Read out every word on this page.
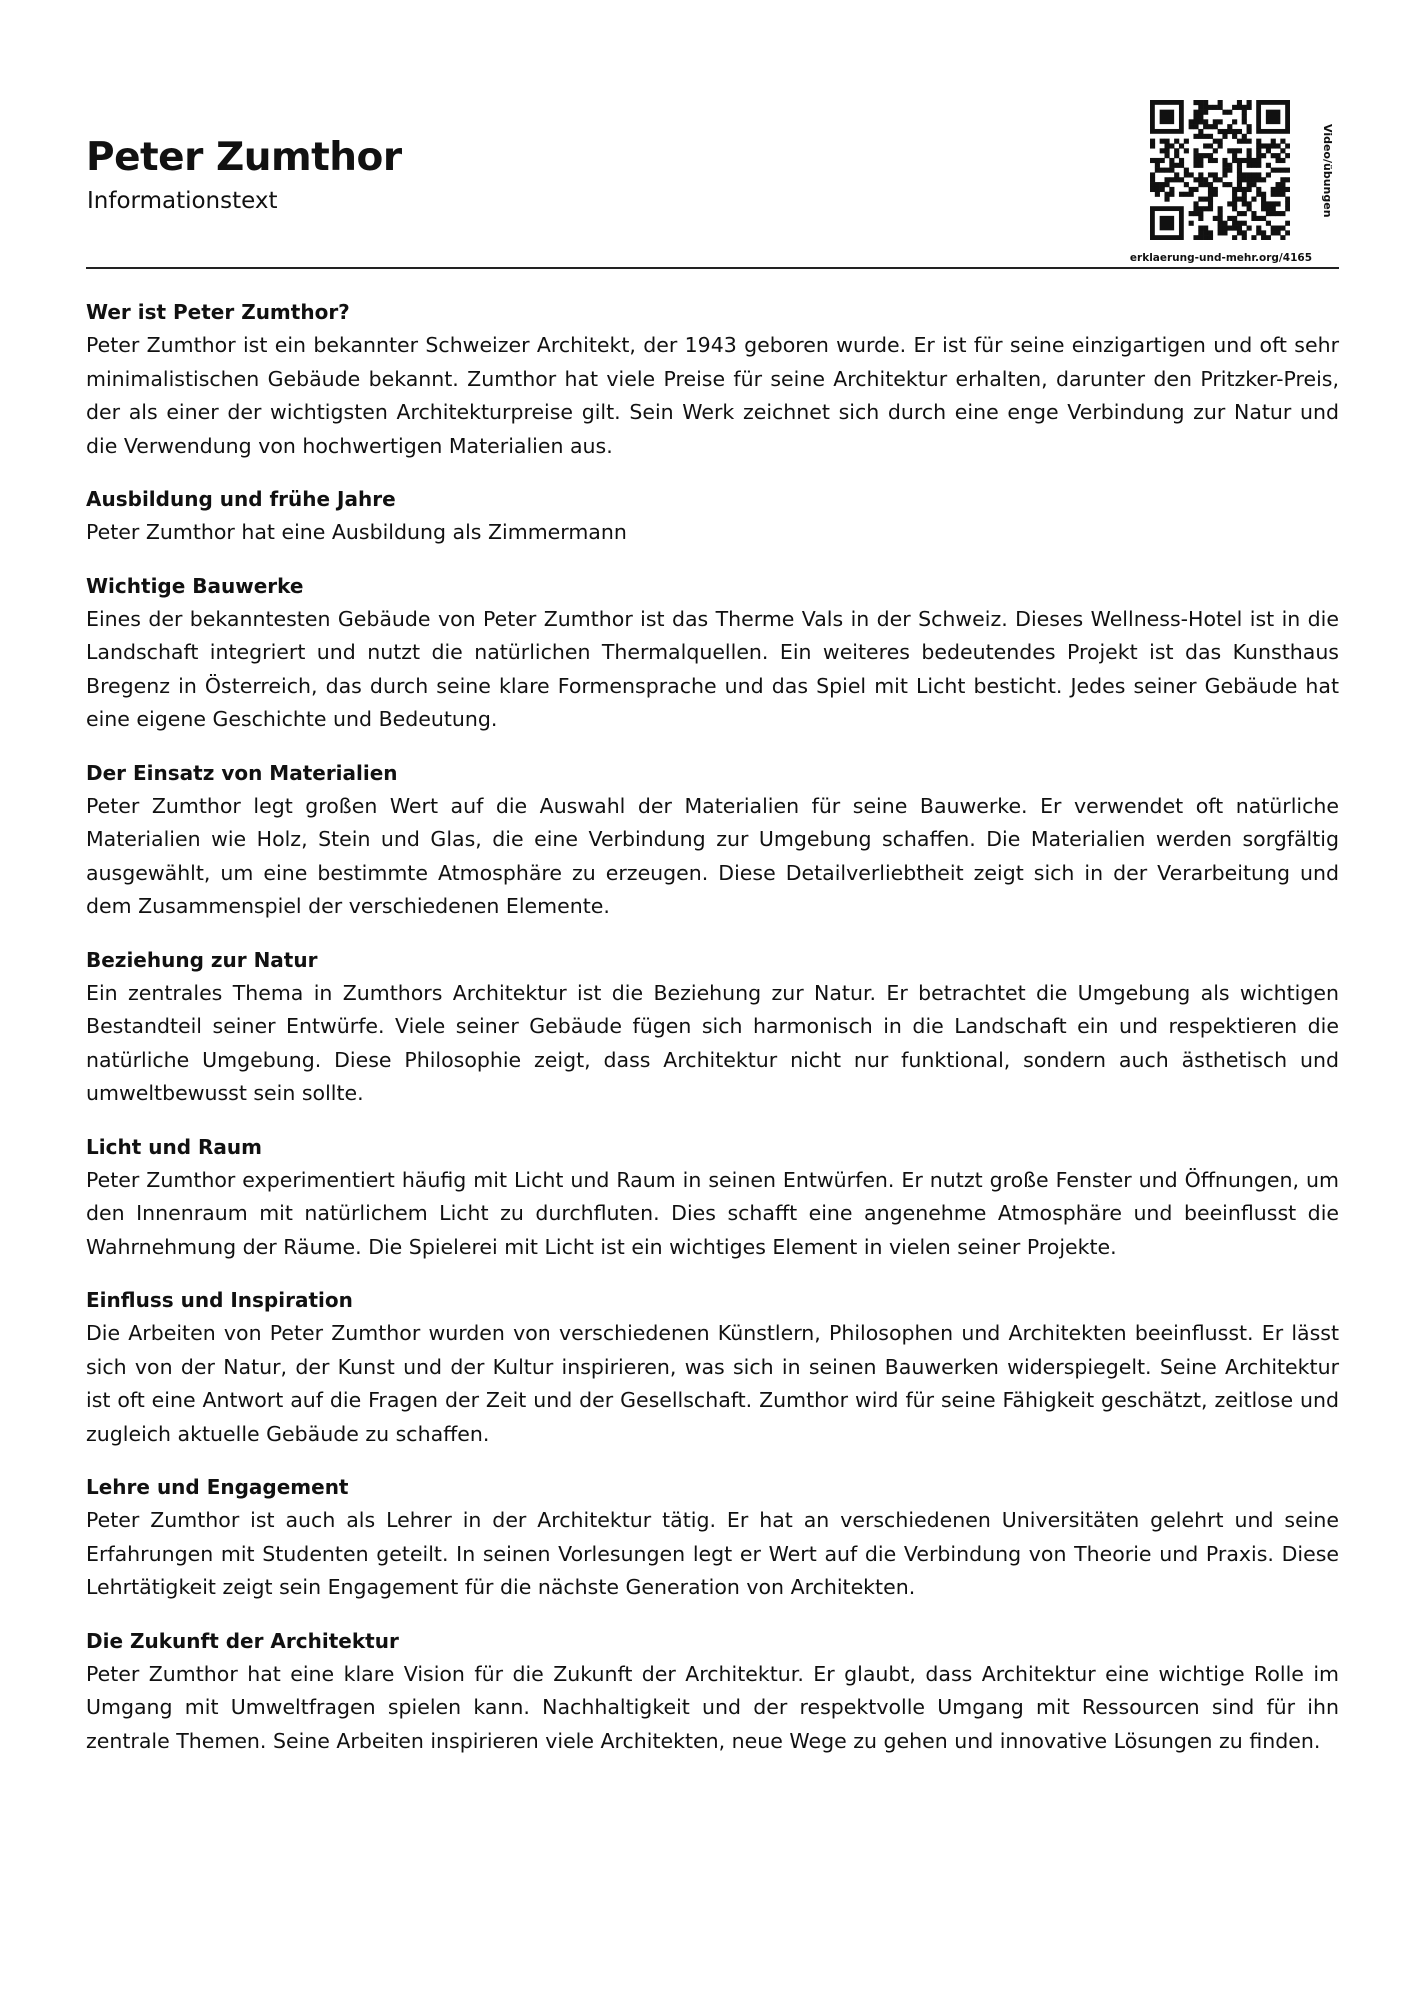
Peter Zumthor
Informationstext	Video/übungen
erklaerung-und-mehr.org/4165
Wer ist Peter Zumthor?

Peter Zumthor ist ein bekannter Schweizer Architekt, der 1943 geboren wurde. Er ist für seine einzigartigen und oft sehr minimalistischen Gebäude bekannt. Zumthor hat viele Preise für seine Architektur erhalten, darunter den Pritzker-Preis, der als einer der wichtigsten Architekturpreise gilt. Sein Werk zeichnet sich durch eine enge Verbindung zur Natur und die Verwendung von hochwertigen Materialien aus.

Ausbildung und frühe Jahre

Peter Zumthor hat eine Ausbildung als Zimmermann

Wichtige Bauwerke

Eines der bekanntesten Gebäude von Peter Zumthor ist das Therme Vals in der Schweiz. Dieses Wellness-Hotel ist in die Landschaft integriert und nutzt die natürlichen Thermalquellen. Ein weiteres bedeutendes Projekt ist das Kunsthaus Bregenz in Österreich, das durch seine klare Formensprache und das Spiel mit Licht besticht. Jedes seiner Gebäude hat eine eigene Geschichte und Bedeutung.

Der Einsatz von Materialien

Peter Zumthor legt großen Wert auf die Auswahl der Materialien für seine Bauwerke. Er verwendet oft natürliche Materialien wie Holz, Stein und Glas, die eine Verbindung zur Umgebung schaffen. Die Materialien werden sorgfältig ausgewählt, um eine bestimmte Atmosphäre zu erzeugen. Diese Detailverliebtheit zeigt sich in der Verarbeitung und dem Zusammenspiel der verschiedenen Elemente.

Beziehung zur Natur

Ein zentrales Thema in Zumthors Architektur ist die Beziehung zur Natur. Er betrachtet die Umgebung als wichtigen Bestandteil seiner Entwürfe. Viele seiner Gebäude fügen sich harmonisch in die Landschaft ein und respektieren die natürliche Umgebung. Diese Philosophie zeigt, dass Architektur nicht nur funktional, sondern auch ästhetisch und umweltbewusst sein sollte.

Licht und Raum

Peter Zumthor experimentiert häufig mit Licht und Raum in seinen Entwürfen. Er nutzt große Fenster und Öffnungen, um den Innenraum mit natürlichem Licht zu durchfluten. Dies schafft eine angenehme Atmosphäre und beeinflusst die Wahrnehmung der Räume. Die Spielerei mit Licht ist ein wichtiges Element in vielen seiner Projekte.

Einfluss und Inspiration

Die Arbeiten von Peter Zumthor wurden von verschiedenen Künstlern, Philosophen und Architekten beeinflusst. Er lässt sich von der Natur, der Kunst und der Kultur inspirieren, was sich in seinen Bauwerken widerspiegelt. Seine Architektur ist oft eine Antwort auf die Fragen der Zeit und der Gesellschaft. Zumthor wird für seine Fähigkeit geschätzt, zeitlose und zugleich aktuelle Gebäude zu schaffen.

Lehre und Engagement

Peter Zumthor ist auch als Lehrer in der Architektur tätig. Er hat an verschiedenen Universitäten gelehrt und seine Erfahrungen mit Studenten geteilt. In seinen Vorlesungen legt er Wert auf die Verbindung von Theorie und Praxis. Diese Lehrtätigkeit zeigt sein Engagement für die nächste Generation von Architekten.

Die Zukunft der Architektur

Peter Zumthor hat eine klare Vision für die Zukunft der Architektur. Er glaubt, dass Architektur eine wichtige Rolle im Umgang mit Umweltfragen spielen kann. Nachhaltigkeit und der respektvolle Umgang mit Ressourcen sind für ihn zentrale Themen. Seine Arbeiten inspirieren viele Architekten, neue Wege zu gehen und innovative Lösungen zu finden.
